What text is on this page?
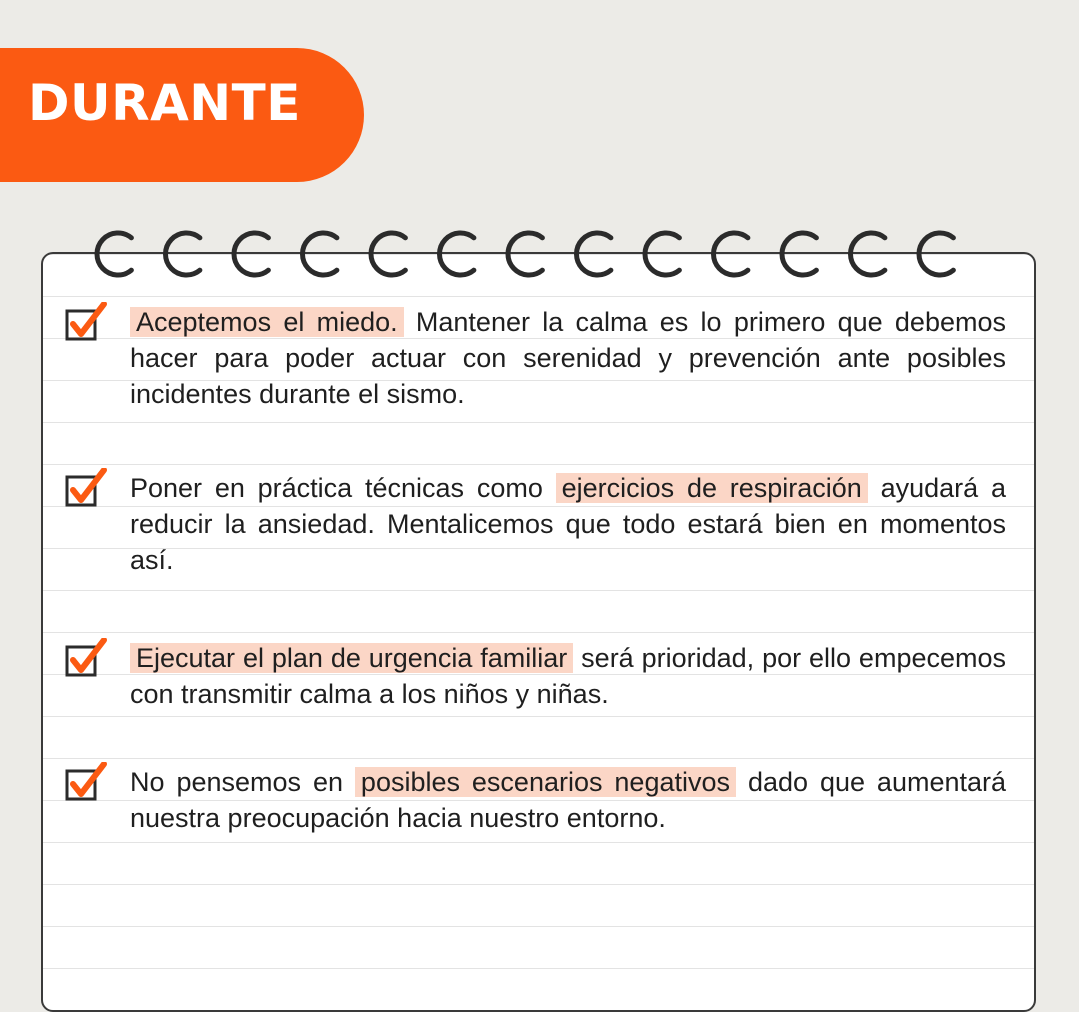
DURANTE
Aceptemos el miedo. Mantener la calma es lo primero que debemos hacer para poder actuar con serenidad y prevención ante posibles incidentes durante el sismo.
Poner en práctica técnicas como ejercicios de respiración ayudará a reducir la ansiedad. Mentalicemos que todo estará bien en momentos así.
Ejecutar el plan de urgencia familiar será prioridad, por ello empecemos con transmitir calma a los niños y niñas.
No pensemos en posibles escenarios negativos dado que aumentará nuestra preocupación hacia nuestro entorno.
